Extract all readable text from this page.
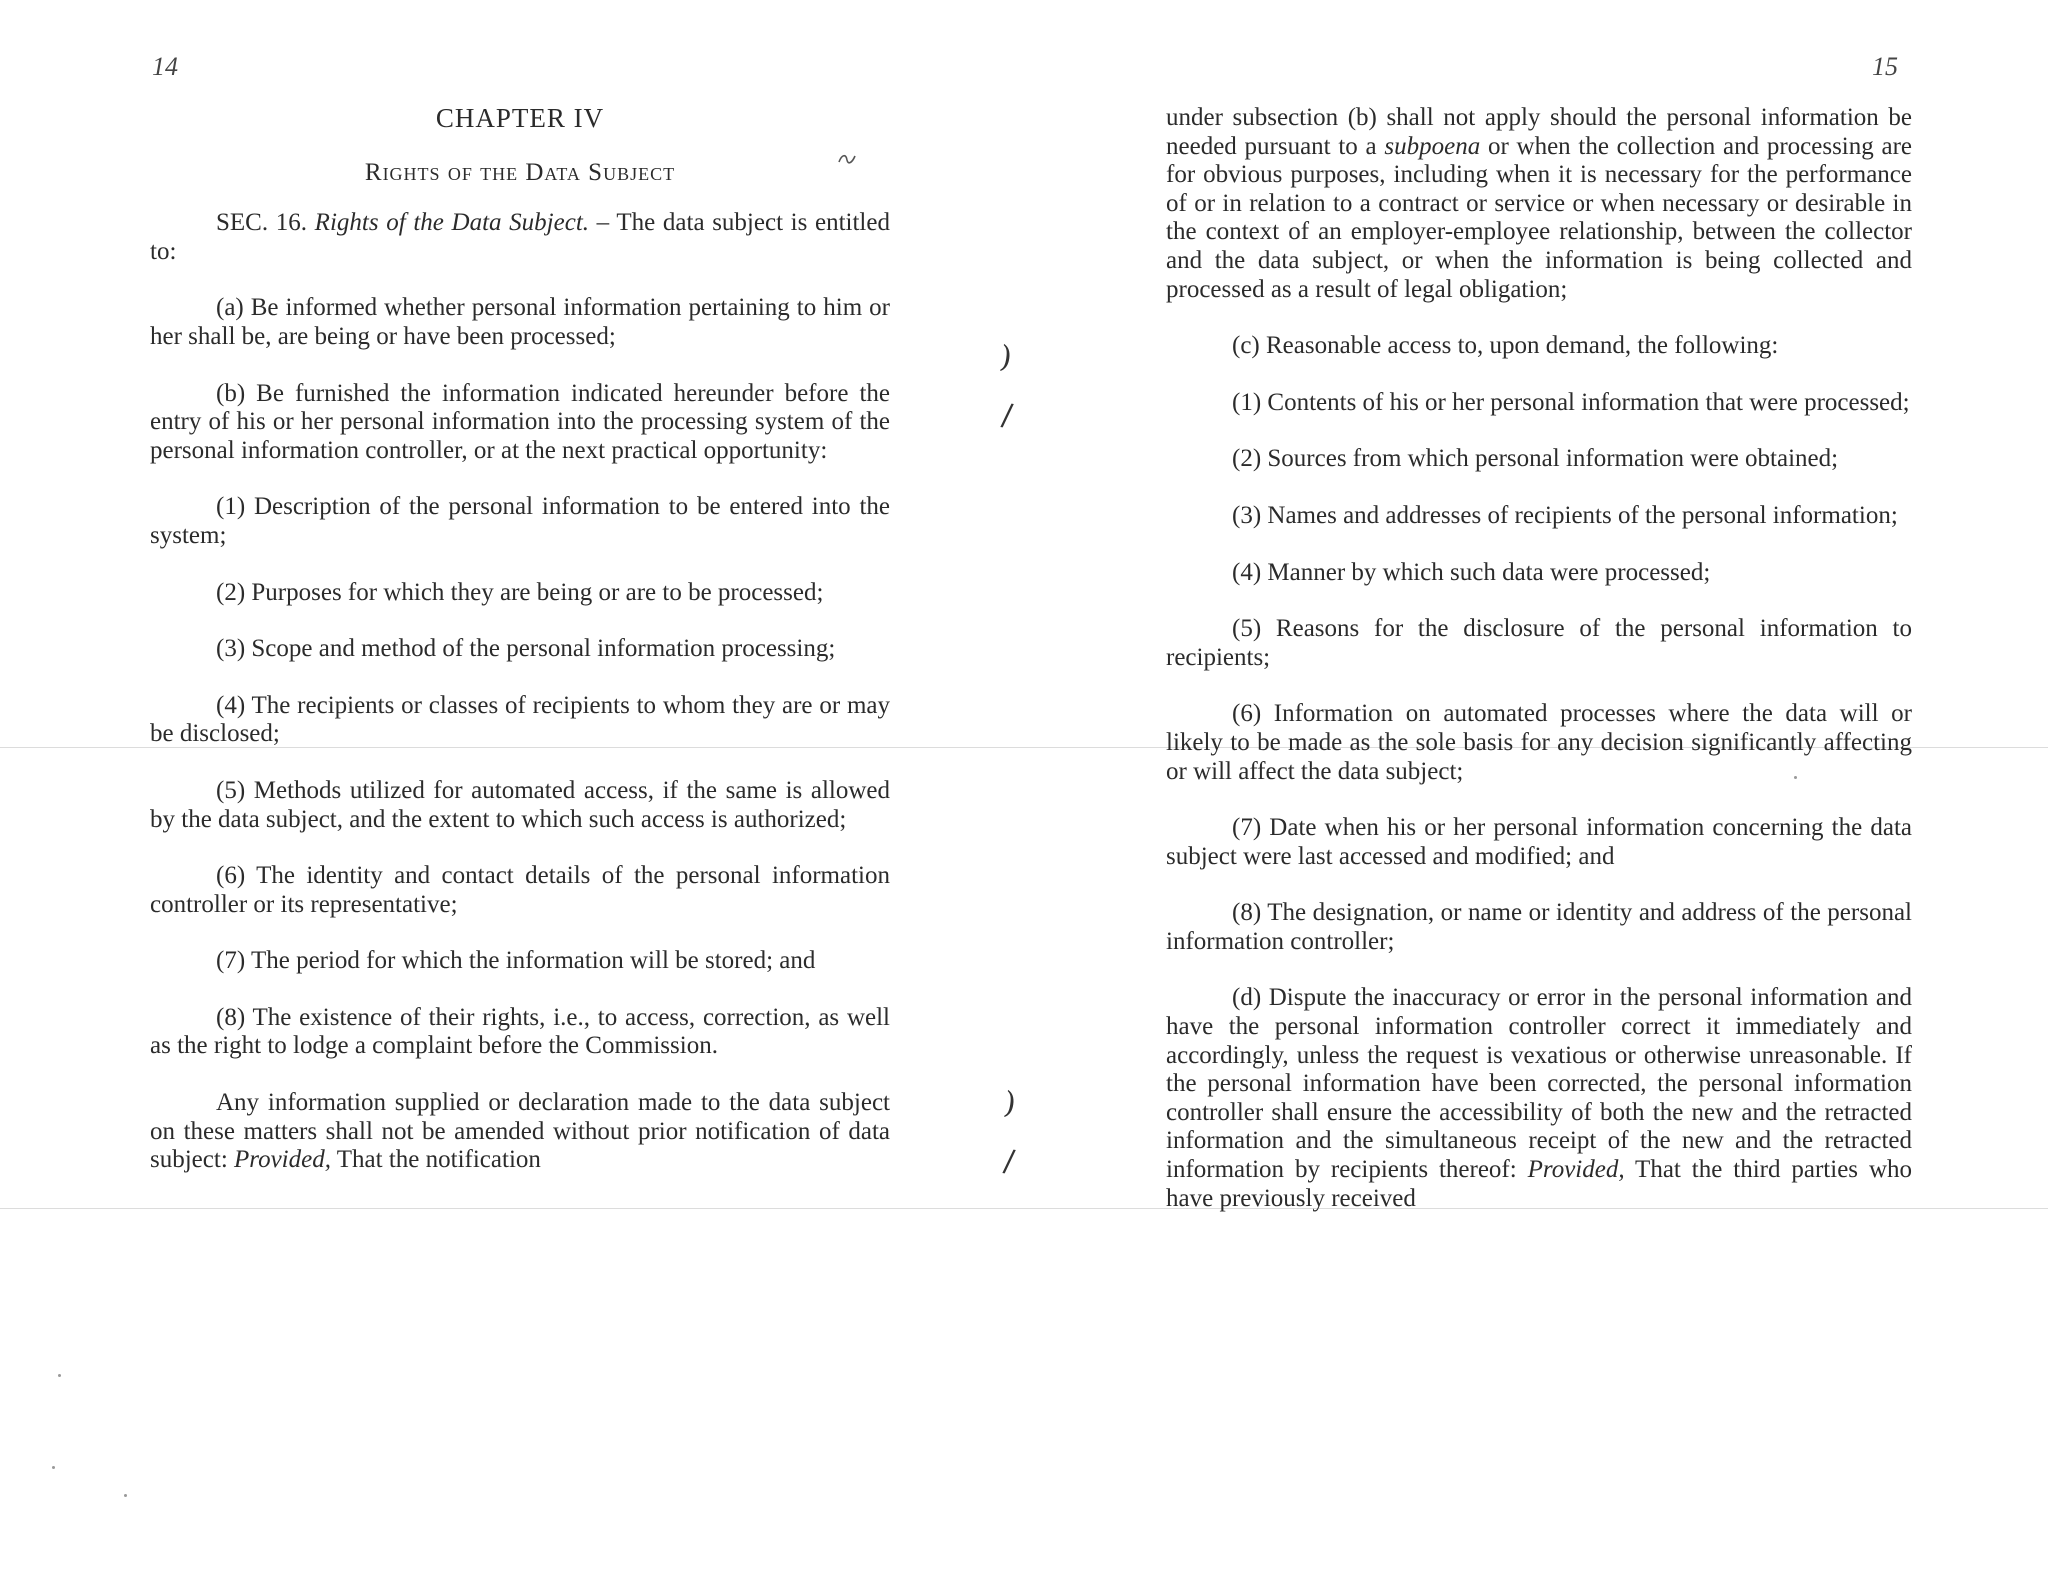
14
CHAPTER IV
Rights of the Data Subject

SEC. 16. Rights of the Data Subject. – The data subject is entitled to:

(a) Be informed whether personal information pertaining to him or her shall be, are being or have been processed;

(b) Be furnished the information indicated hereunder before the entry of his or her personal information into the processing system of the personal information controller, or at the next practical opportunity:

(1) Description of the personal information to be entered into the system;

(2) Purposes for which they are being or are to be processed;

(3) Scope and method of the personal information processing;

(4) The recipients or classes of recipients to whom they are or may be disclosed;

(5) Methods utilized for automated access, if the same is allowed by the data subject, and the extent to which such access is authorized;

(6) The identity and contact details of the personal information controller or its representative;

(7) The period for which the information will be stored; and

(8) The existence of their rights, i.e., to access, correction, as well as the right to lodge a complaint before the Commission.

Any information supplied or declaration made to the data subject on these matters shall not be amended without prior notification of data subject: Provided, That the notification

)
/
)
/
15

under subsection (b) shall not apply should the personal information be needed pursuant to a subpoena or when the collection and processing are for obvious purposes, including when it is necessary for the performance of or in relation to a contract or service or when necessary or desirable in the context of an employer-employee relationship, between the collector and the data subject, or when the information is being collected and processed as a result of legal obligation;

(c) Reasonable access to, upon demand, the following:

(1) Contents of his or her personal information that were processed;

(2) Sources from which personal information were obtained;

(3) Names and addresses of recipients of the personal information;

(4) Manner by which such data were processed;

(5) Reasons for the disclosure of the personal information to recipients;

(6) Information on automated processes where the data will or likely to be made as the sole basis for any decision significantly affecting or will affect the data subject;

(7) Date when his or her personal information concerning the data subject were last accessed and modified; and

(8) The designation, or name or identity and address of the personal information controller;

(d) Dispute the inaccuracy or error in the personal information and have the personal information controller correct it immediately and accordingly, unless the request is vexatious or otherwise unreasonable. If the personal information have been corrected, the personal information controller shall ensure the accessibility of both the new and the retracted information and the simultaneous receipt of the new and the retracted information by recipients thereof: Provided, That the third parties who have previously received
